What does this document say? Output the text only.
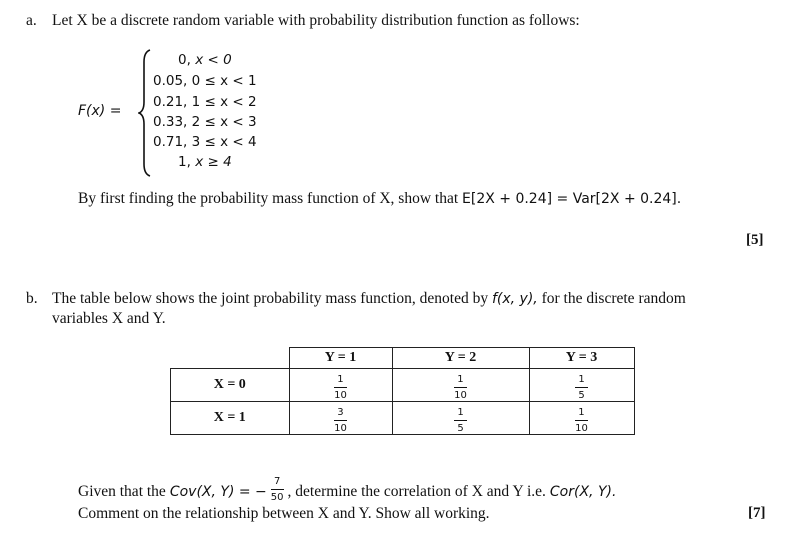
a. Let X be a discrete random variable with probability distribution function as follows:
F(x) =
0, x < 0
0.05, 0 ≤ x < 1
0.21, 1 ≤ x < 2
0.33, 2 ≤ x < 3
0.71, 3 ≤ x < 4
1, x ≥ 4
By first finding the probability mass function of X, show that E[2X + 0.24] = Var[2X + 0.24].
[5]
b. The table below shows the joint probability mass function, denoted by f(x, y), for the discrete random
variables X and Y.
	Y = 1	Y = 2	Y = 3
X = 0	$\frac{1}{10}$	$\frac{1}{10}$	$\frac{1}{5}$

X = 1	$\frac{3}{10}$	$\frac{1}{5}$	$\frac{1}{10}$
Given that the Cov(X, Y) = − $\frac{7}{50}$ , determine the correlation of X and Y i.e. Cor(X, Y).
Comment on the relationship between X and Y. Show all working.	[7]
